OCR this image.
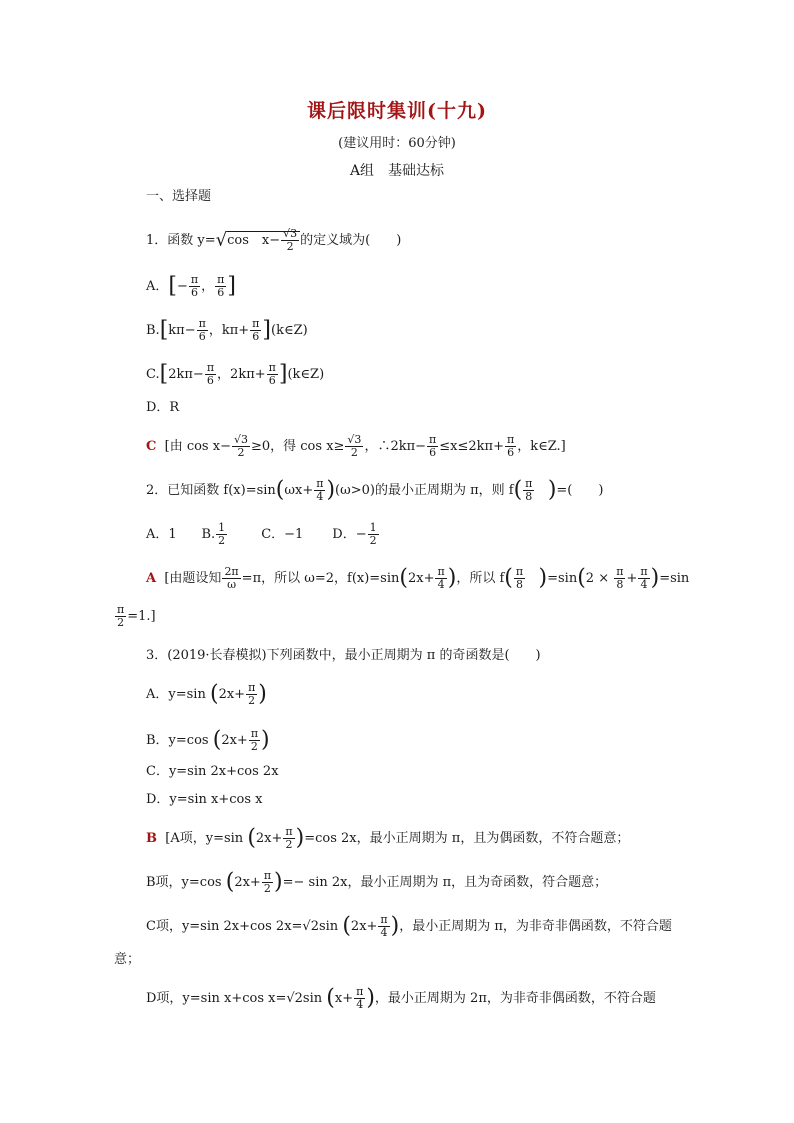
课后限时集训(十九)
(建议用时：60分钟)
A组　基础达标
一、选择题
1．函数 y=√cos　$x- \frac{√3}{2}$ 的定义域为(　　)
A．[− $\frac{\pi}{6}$ ， $\frac{\pi}{6}$ ]
$B.[k\pi- \frac{\pi}{6}$ ，$k\pi+ \frac{\pi}{6}$ ](k∈Z)
$C.[2k\pi- \frac{\pi}{6}$ ，$2k\pi+ \frac{\pi}{6}$ ](k∈Z)
D．R
C [由 $\cos x- \frac{√3}{2} \ge 0$，得 $\cos x\ge \frac{√3}{2}$ ，∴2kπ− $\frac{\pi}{6} \le x\le 2k\pi+ \frac{\pi}{6}$ ，k∈Z.]
2．已知函数 $f(x)=\sin(\omega x+ \frac{\pi}{4} )(\omega>0)$的最小正周期为 π，则 $f( \frac{\pi}{8}$ )=(　　)
A．1 B. $\frac{1}{2}$	C．−1 D．− $\frac{1}{2}$
A [由题设知 $\frac{2\pi}{\omega} =\pi$，所以 ω=2，$f(x)=\sin(2x+ \frac{\pi}{4}$ )，所以 $f( \frac{\pi}{8} )=\sin(2 \times \frac{\pi}{8} + \frac{\pi}{4} )=\sin$
$\frac{\pi}{2} =1$.]
3．(2019·长春模拟)下列函数中，最小正周期为 π 的奇函数是(　　)
A．y=sin ($2x+ \frac{\pi}{2}$ )
B．y=cos ($2x+ \frac{\pi}{2}$ )
C．y=sin 2x+cos 2x
D．y=sin x+cos x
B [A项，y=sin $(2x+ \frac{\pi}{2} )=\cos$ 2x，最小正周期为 π，且为偶函数，不符合题意；
B项，y=cos ($2x+ \frac{\pi}{2}$ )=− sin 2x，最小正周期为 π，且为奇函数，符合题意；
C项，y=sin 2x+cos 2x=√2sin ($2x+ \frac{\pi}{4}$ )，最小正周期为 π，为非奇非偶函数，不符合题
意；
D项，y=sin x+cos x=√2sin ($x+ \frac{\pi}{4}$ )，最小正周期为 2π，为非奇非偶函数，不符合题
